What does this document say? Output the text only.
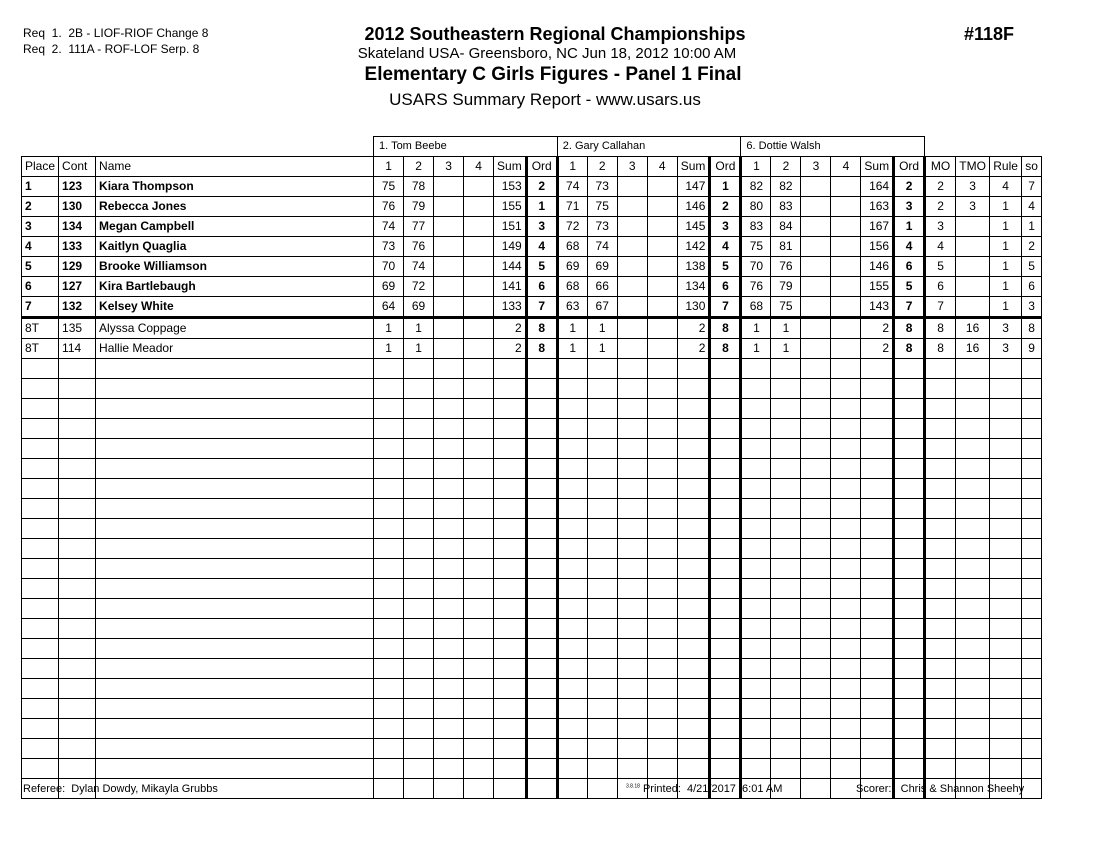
Req  1.  2B - LIOF-RIOF Change 8
Req  2.  111A - ROF-LOF Serp. 8
2012 Southeastern Regional Championships
Skateland USA- Greensboro, NC Jun 18, 2012 10:00 AM
Elementary C Girls Figures - Panel 1 Final
USARS Summary Report - www.usars.us
#118F
			1. Tom Beebe						2. Gary Callahan						6. Dottie Walsh									
Place	Cont	Name	1	2	3	4	Sum	Ord	1	2	3	4	Sum	Ord	1	2	3	4	Sum	Ord	MO	TMO	Rule	so
1	123	Kiara Thompson	75	78			153	2	74	73			147	1	82	82			164	2	2	3	4	7
2	130	Rebecca Jones	76	79			155	1	71	75			146	2	80	83			163	3	2	3	1	4
3	134	Megan Campbell	74	77			151	3	72	73			145	3	83	84			167	1	3		1	1
4	133	Kaitlyn Quaglia	73	76			149	4	68	74			142	4	75	81			156	4	4		1	2
5	129	Brooke Williamson	70	74			144	5	69	69			138	5	70	76			146	6	5		1	5
6	127	Kira Bartlebaugh	69	72			141	6	68	66			134	6	76	79			155	5	6		1	6
7	132	Kelsey White	64	69			133	7	63	67			130	7	68	75			143	7	7		1	3
8T	135	Alyssa Coppage	1	1			2	8	1	1			2	8	1	1			2	8	8	16	3	8
8T	114	Hallie Meador	1	1			2	8	1	1			2	8	1	1			2	8	8	16	3	9

Referee:  Dylan Dowdy, Mikayla Grubbs	$^{3.8.18}$ Printed:  4/21/2017  6:01 AM	Scorer:   Chris & Shannon Sheehy
